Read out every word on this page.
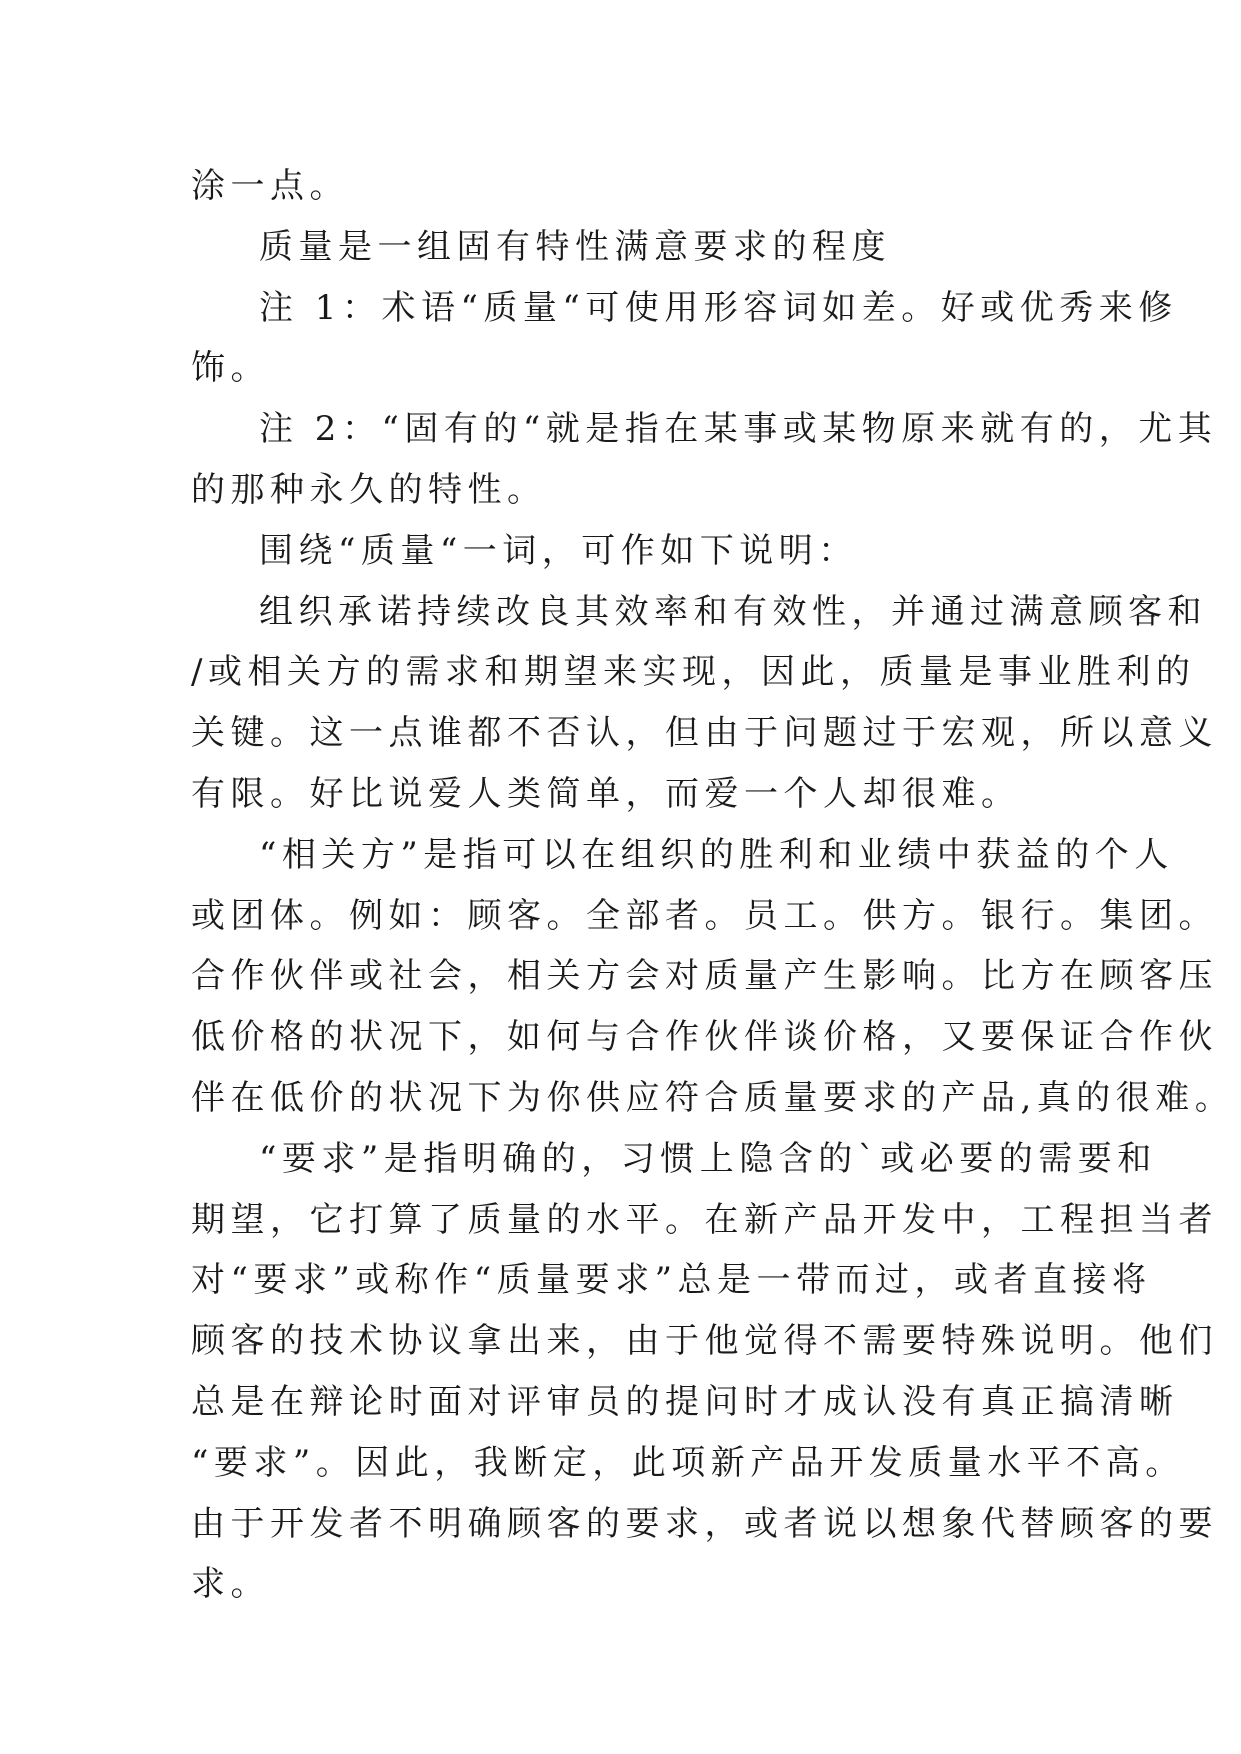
涂一点。
质量是一组固有特性满意要求的程度
注 1：术语“质量“可使用形容词如差。好或优秀来修
饰。
注 2：“固有的“就是指在某事或某物原来就有的，尤其
的那种永久的特性。
围绕“质量“一词，可作如下说明：
组织承诺持续改良其效率和有效性，并通过满意顾客和
/或相关方的需求和期望来实现，因此，质量是事业胜利的
关键。这一点谁都不否认，但由于问题过于宏观，所以意义
有限。好比说爱人类简单，而爱一个人却很难。
“相关方”是指可以在组织的胜利和业绩中获益的个人
或团体。例如：顾客。全部者。员工。供方。银行。集团。
合作伙伴或社会，相关方会对质量产生影响。比方在顾客压
低价格的状况下，如何与合作伙伴谈价格，又要保证合作伙
伴在低价的状况下为你供应符合质量要求的产品,真的很难。
“要求”是指明确的，习惯上隐含的`或必要的需要和
期望，它打算了质量的水平。在新产品开发中，工程担当者
对“要求”或称作“质量要求”总是一带而过，或者直接将
顾客的技术协议拿出来，由于他觉得不需要特殊说明。他们
总是在辩论时面对评审员的提问时才成认没有真正搞清晰
“要求”。因此，我断定，此项新产品开发质量水平不高。
由于开发者不明确顾客的要求，或者说以想象代替顾客的要
求。
